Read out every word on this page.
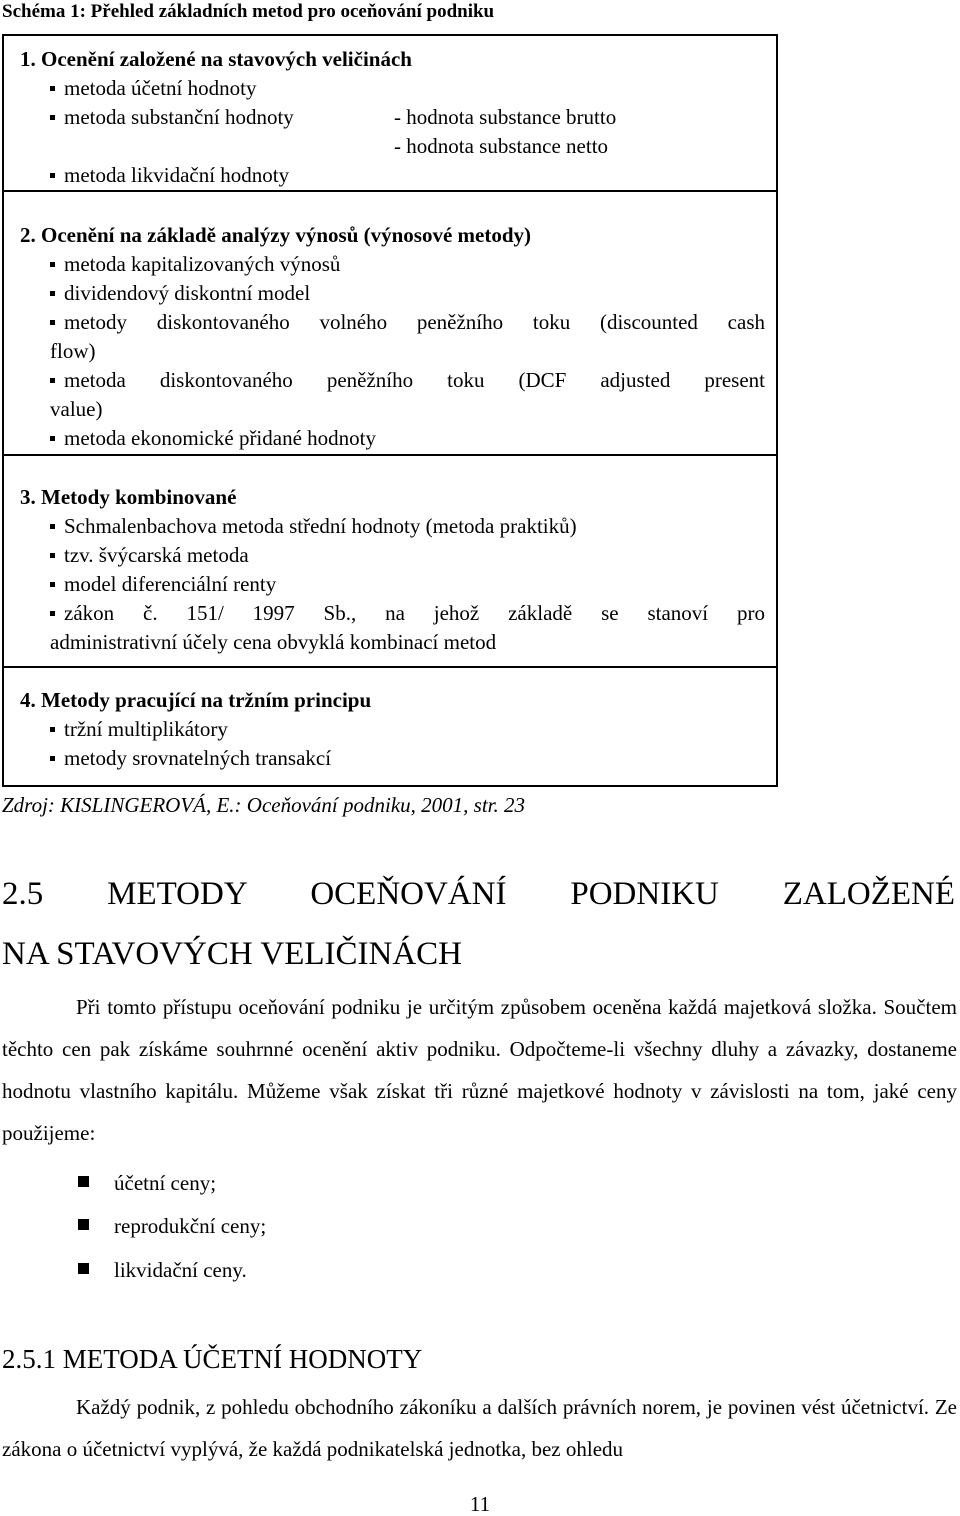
Schéma 1: Přehled základních metod pro oceňování podniku
1. Ocenění založené na stavových veličinách
metoda účetní hodnoty
metoda substanční hodnoty	- hodnota substance brutto
- hodnota substance netto
metoda likvidační hodnoty
2. Ocenění na základě analýzy výnosů (výnosové metody)
metoda kapitalizovaných výnosů
dividendový diskontní model
metody diskontovaného volného peněžního toku (discounted cash
flow)
metoda diskontovaného peněžního toku (DCF adjusted present
value)
metoda ekonomické přidané hodnoty
3. Metody kombinované
Schmalenbachova metoda střední hodnoty (metoda praktiků)
tzv. švýcarská metoda
model diferenciální renty
zákon č. 151/ 1997 Sb., na jehož základě se stanoví pro
administrativní účely cena obvyklá kombinací metod
4. Metody pracující na tržním principu
tržní multiplikátory
metody srovnatelných transakcí
Zdroj: KISLINGEROVÁ, E.: Oceňování podniku, 2001, str. 23
2.5 METODY OCEŇOVÁNÍ PODNIKU ZALOŽENÉ
NA STAVOVÝCH VELIČINÁCH
Při tomto přístupu oceňování podniku je určitým způsobem oceněna každá majetková složka. Součtem těchto cen pak získáme souhrnné ocenění aktiv podniku. Odpočteme-li všechny dluhy a závazky, dostaneme hodnotu vlastního kapitálu. Můžeme však získat tři různé majetkové hodnoty v závislosti na tom, jaké ceny použijeme:
účetní ceny;
reprodukční ceny;
likvidační ceny.
2.5.1 METODA ÚČETNÍ HODNOTY
Každý podnik, z pohledu obchodního zákoníku a dalších právních norem, je povinen vést účetnictví. Ze zákona o účetnictví vyplývá, že každá podnikatelská jednotka, bez ohledu
11
